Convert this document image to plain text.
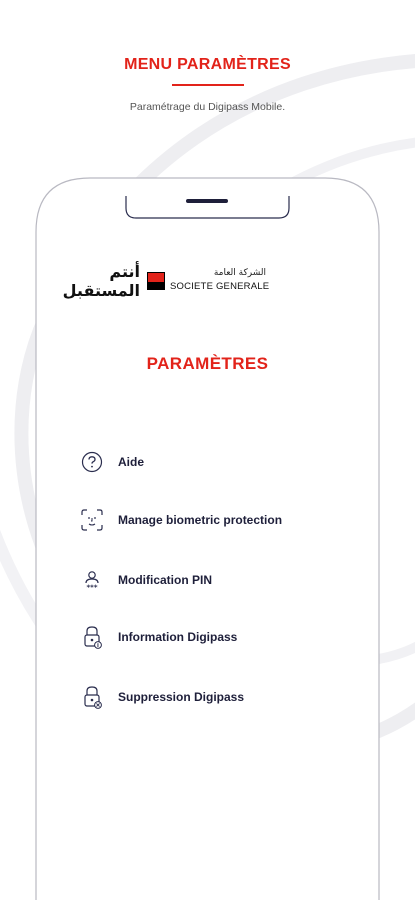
MENU PARAMÈTRES
Paramétrage du Digipass Mobile.
أنتم المستقبل
الشركة العامة
SOCIETE GENERALE
PARAMÈTRES
Aide
Manage biometric protection
***
Modification PIN
i
Information Digipass
Suppression Digipass
